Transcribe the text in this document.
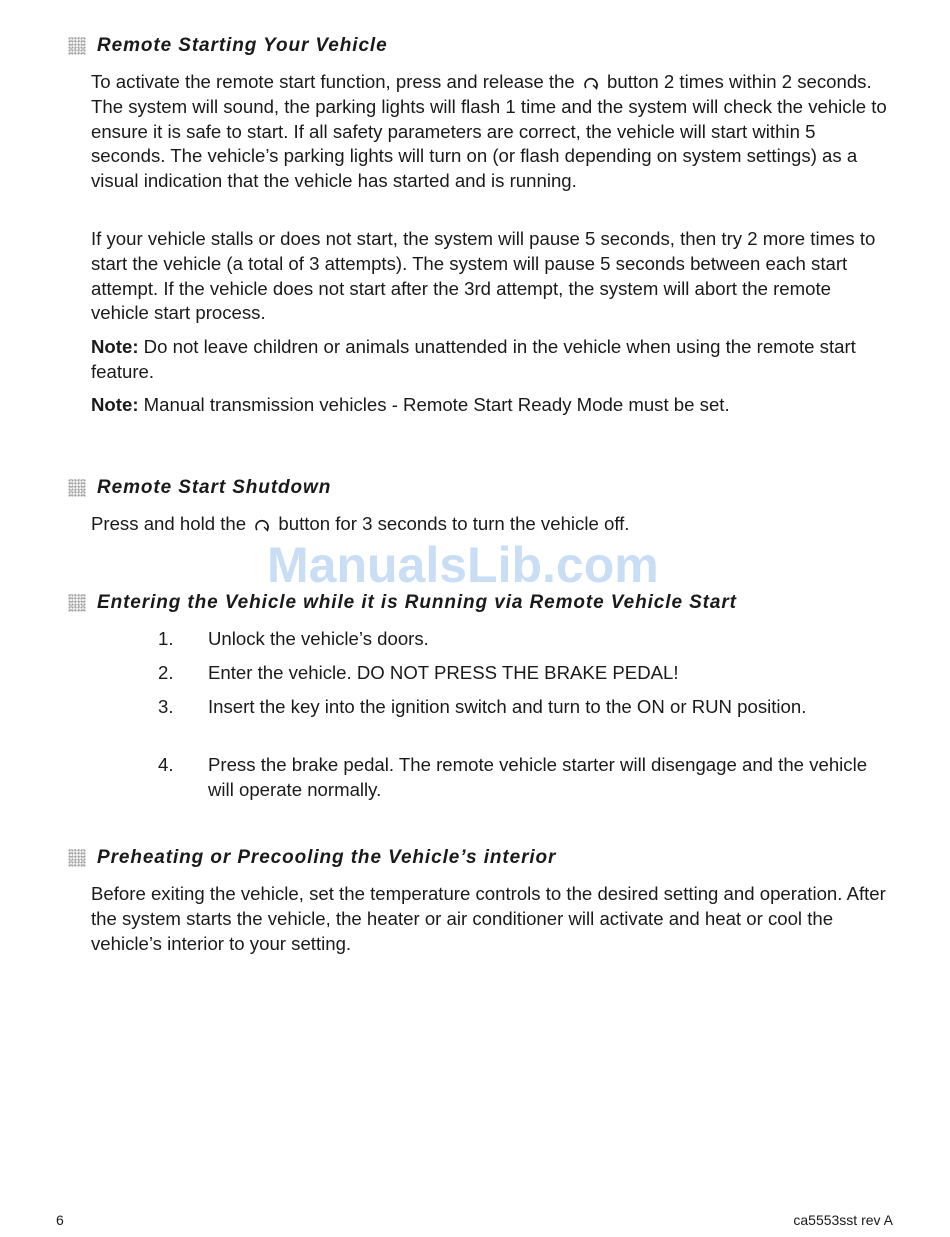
Remote Starting Your Vehicle

To activate the remote start function, press and release the  button 2 times within 2 seconds. The system will sound, the parking lights will flash 1 time and the system will check the vehicle to ensure it is safe to start. If all safety parameters are correct, the vehicle will start within 5 seconds. The vehicle’s parking lights will turn on (or flash depending on system settings) as a visual indication that the vehicle has started and is running.

If your vehicle stalls or does not start, the system will pause 5 seconds, then try 2 more times to start the vehicle (a total of 3 attempts). The system will pause 5 seconds between each start attempt. If the vehicle does not start after the 3rd attempt, the system will abort the remote vehicle start process.

Note: Do not leave children or animals unattended in the vehicle when using the remote start feature.

Note: Manual transmission vehicles - Remote Start Ready Mode must be set.

Remote Start Shutdown

Press and hold the  button for 3 seconds to turn the vehicle off.

ManualsLib.com
Entering the Vehicle while it is Running via Remote Vehicle Start
1.	Unlock the vehicle’s doors.
2.	Enter the vehicle. DO NOT PRESS THE BRAKE PEDAL!
3.	Insert the key into the ignition switch and turn to the ON or RUN position.
4.	Press the brake pedal. The remote vehicle starter will disengage and the vehicle will operate normally.
Preheating or Precooling the Vehicle’s interior

Before exiting the vehicle, set the temperature controls to the desired setting and operation. After the system starts the vehicle, the heater or air conditioner will activate and heat or cool the vehicle’s interior to your setting.

6	ca5553sst rev A
